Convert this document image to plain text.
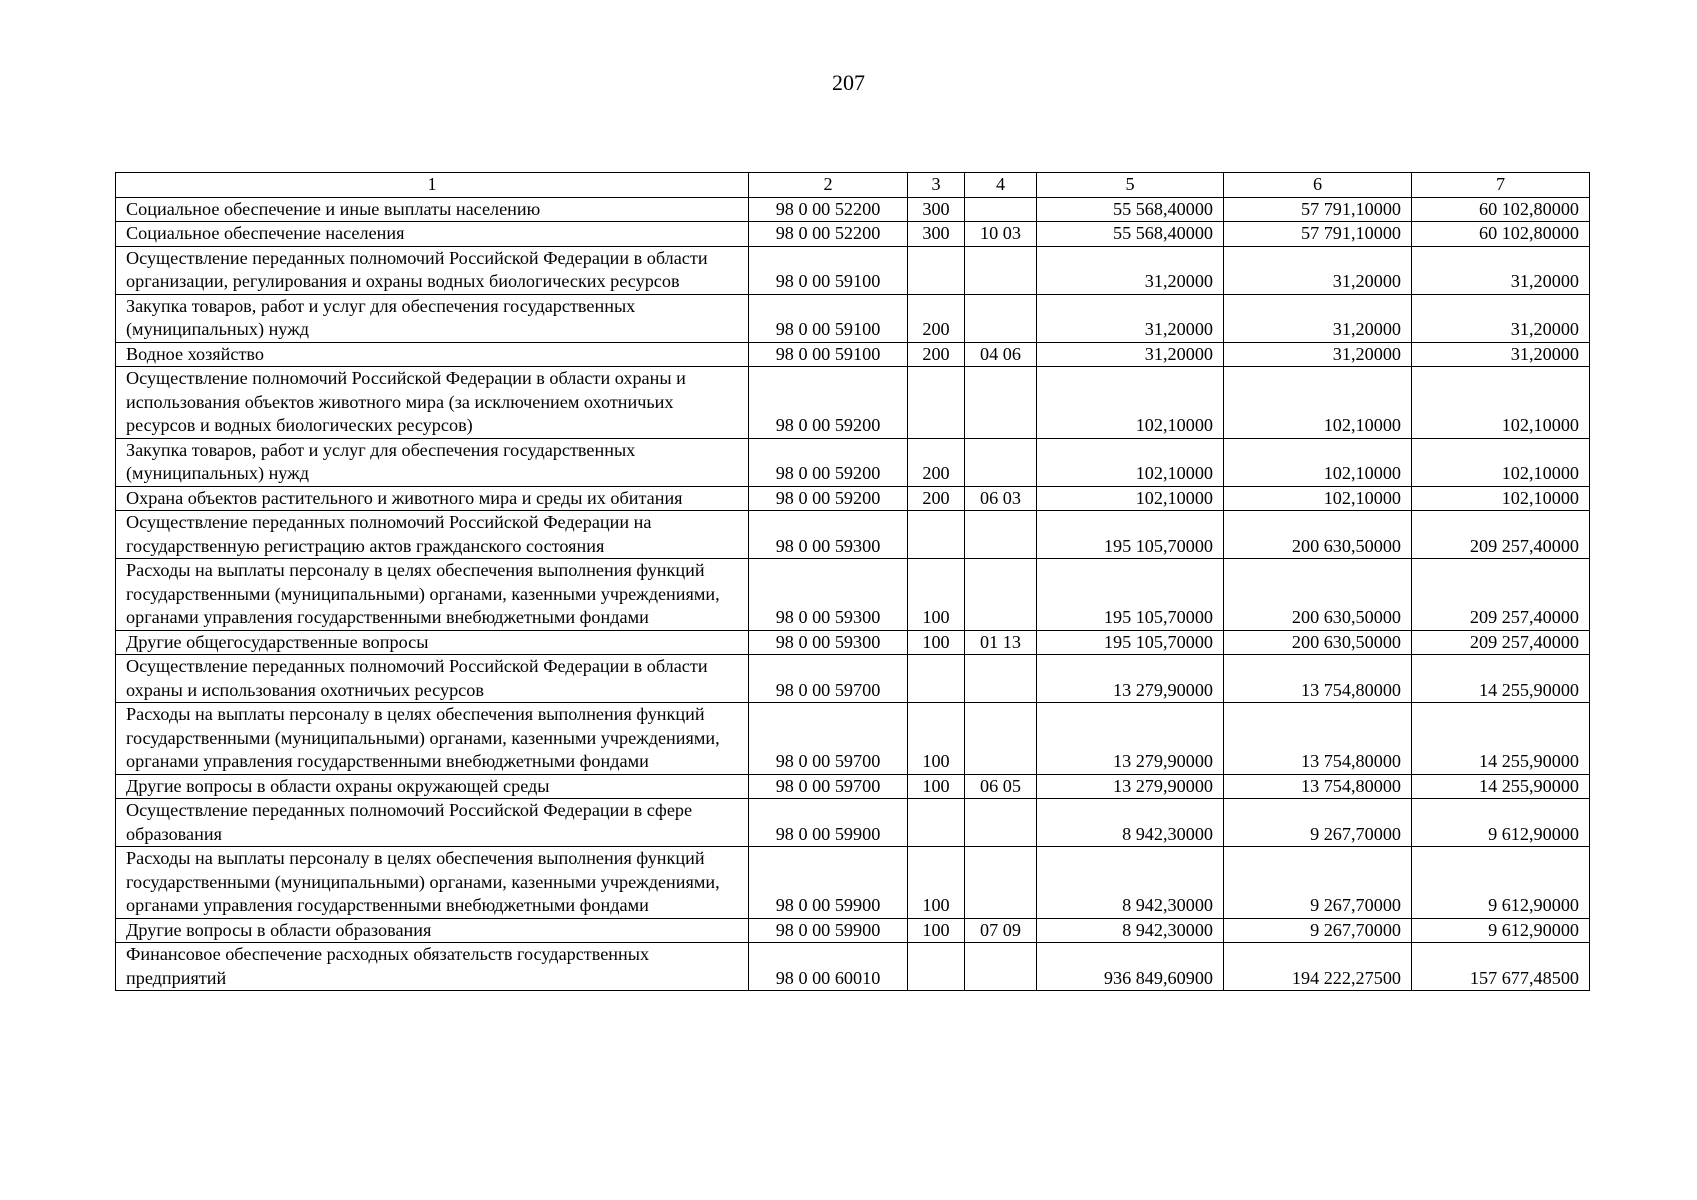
207
1	2	3	4	5	6	7
Социальное обеспечение и иные выплаты населению	98 0 00 52200	300		55 568,40000	57 791,10000	60 102,80000
Социальное обеспечение населения	98 0 00 52200	300	10 03	55 568,40000	57 791,10000	60 102,80000
Осуществление переданных полномочий Российской Федерации в области организации, регулирования и охраны водных биологических ресурсов	98 0 00 59100			31,20000	31,20000	31,20000
Закупка товаров, работ и услуг для обеспечения государственных (муниципальных) нужд	98 0 00 59100	200		31,20000	31,20000	31,20000
Водное хозяйство	98 0 00 59100	200	04 06	31,20000	31,20000	31,20000
Осуществление полномочий Российской Федерации в области охраны и использования объектов животного мира (за исключением охотничьих ресурсов и водных биологических ресурсов)	98 0 00 59200			102,10000	102,10000	102,10000
Закупка товаров, работ и услуг для обеспечения государственных (муниципальных) нужд	98 0 00 59200	200		102,10000	102,10000	102,10000
Охрана объектов растительного и животного мира и среды их обитания	98 0 00 59200	200	06 03	102,10000	102,10000	102,10000
Осуществление переданных полномочий Российской Федерации на государственную регистрацию актов гражданского состояния	98 0 00 59300			195 105,70000	200 630,50000	209 257,40000
Расходы на выплаты персоналу в целях обеспечения выполнения функций государственными (муниципальными) органами, казенными учреждениями, органами управления государственными внебюджетными фондами	98 0 00 59300	100		195 105,70000	200 630,50000	209 257,40000
Другие общегосударственные вопросы	98 0 00 59300	100	01 13	195 105,70000	200 630,50000	209 257,40000
Осуществление переданных полномочий Российской Федерации в области охраны и использования охотничьих ресурсов	98 0 00 59700			13 279,90000	13 754,80000	14 255,90000
Расходы на выплаты персоналу в целях обеспечения выполнения функций государственными (муниципальными) органами, казенными учреждениями, органами управления государственными внебюджетными фондами	98 0 00 59700	100		13 279,90000	13 754,80000	14 255,90000
Другие вопросы в области охраны окружающей среды	98 0 00 59700	100	06 05	13 279,90000	13 754,80000	14 255,90000
Осуществление переданных полномочий Российской Федерации в сфере образования	98 0 00 59900			8 942,30000	9 267,70000	9 612,90000
Расходы на выплаты персоналу в целях обеспечения выполнения функций государственными (муниципальными) органами, казенными учреждениями, органами управления государственными внебюджетными фондами	98 0 00 59900	100		8 942,30000	9 267,70000	9 612,90000
Другие вопросы в области образования	98 0 00 59900	100	07 09	8 942,30000	9 267,70000	9 612,90000
Финансовое обеспечение расходных обязательств государственных предприятий	98 0 00 60010			936 849,60900	194 222,27500	157 677,48500
